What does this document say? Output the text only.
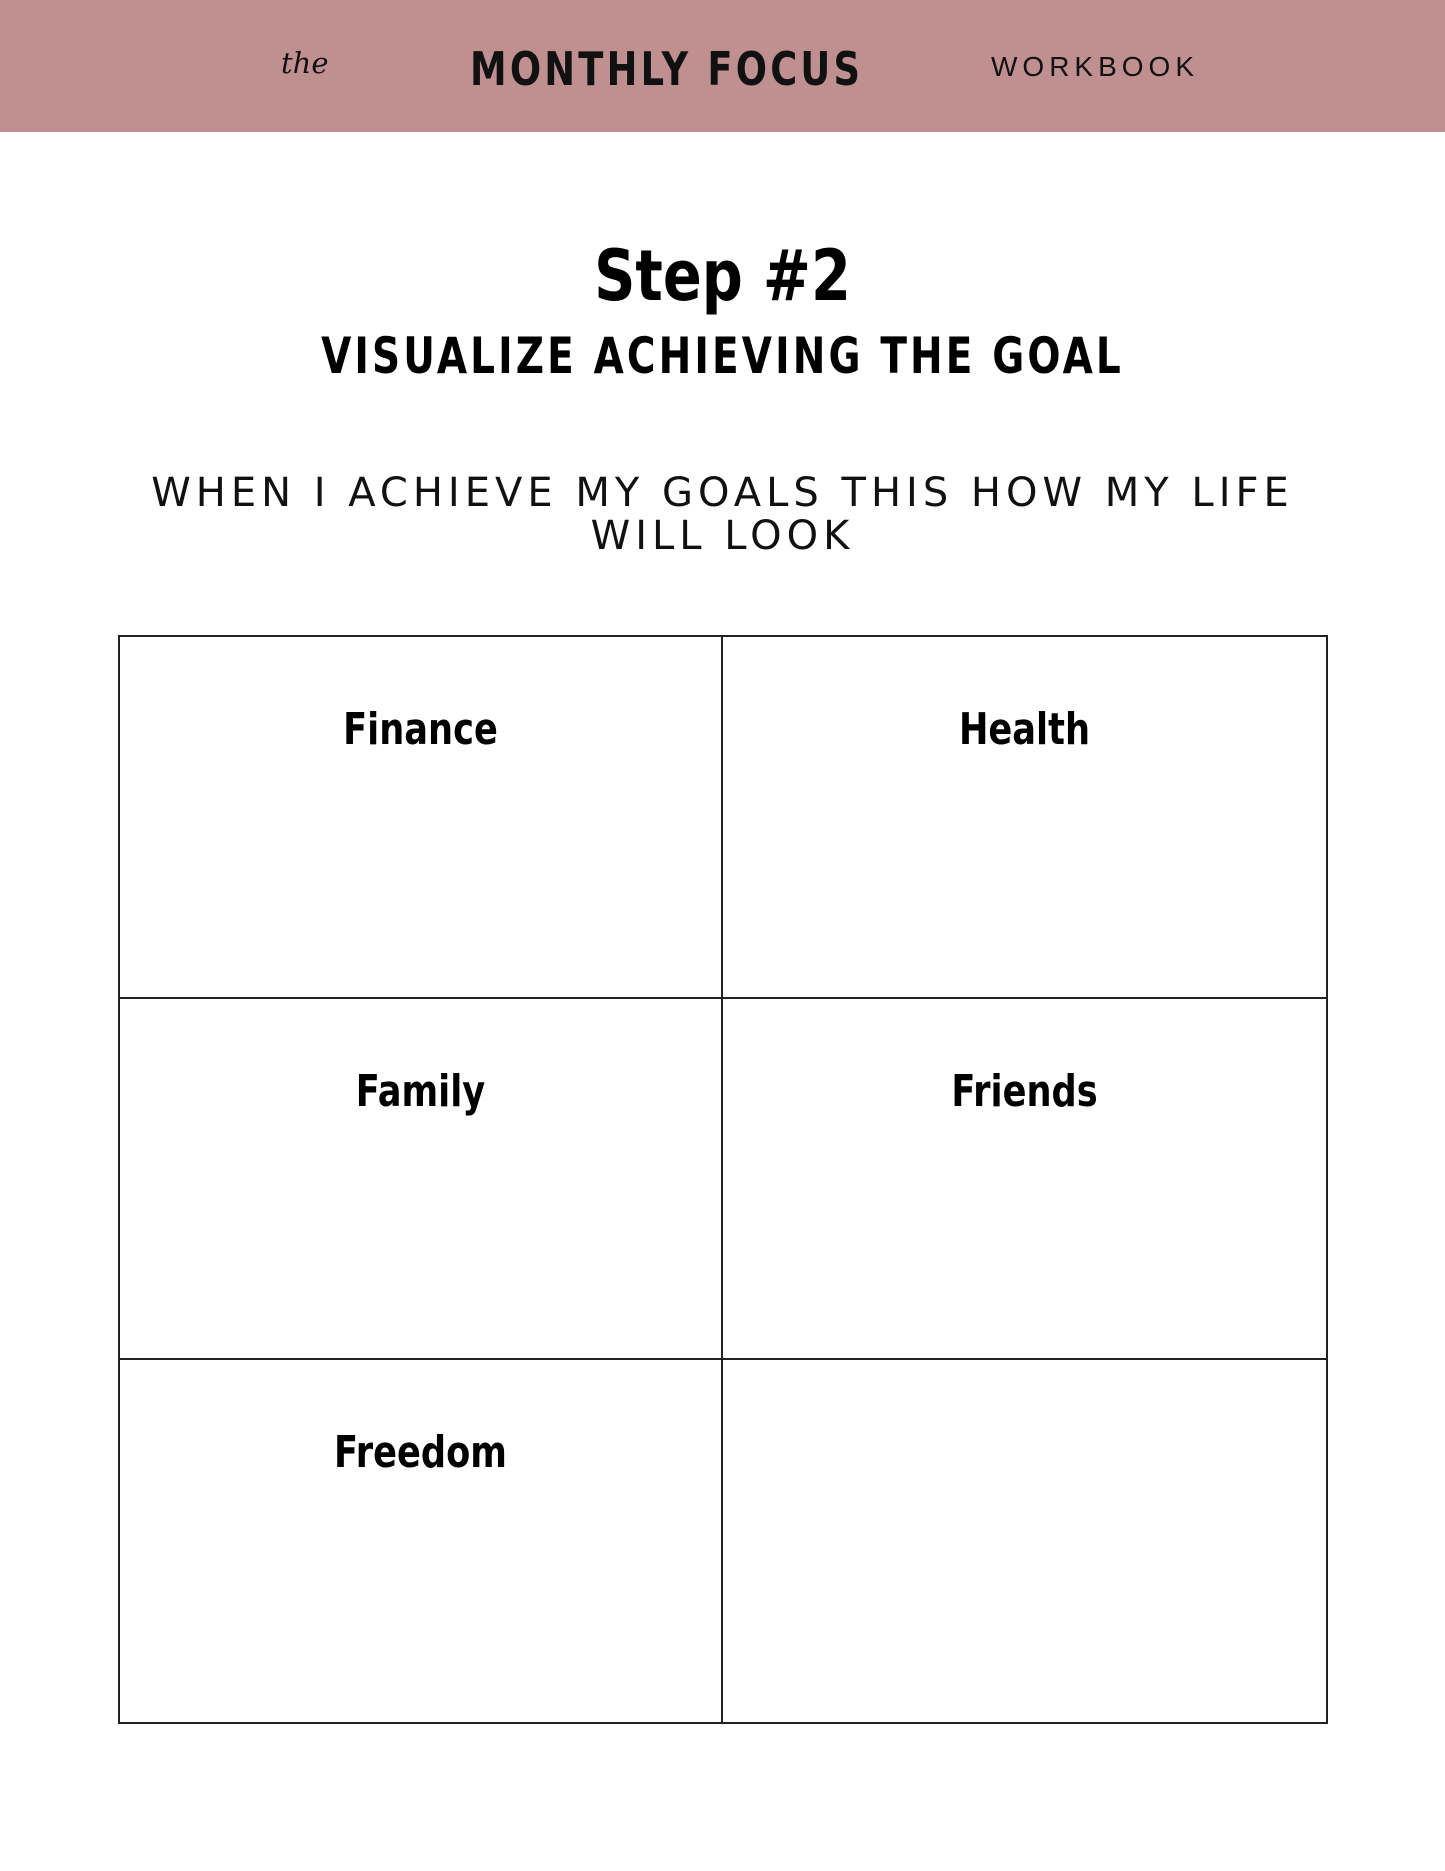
the	MONTHLY FOCUS	WORKBOOK
Step #2
VISUALIZE ACHIEVING THE GOAL
WHEN I ACHIEVE MY GOALS THIS HOW MY LIFE WILL LOOK
Finance	Health
Family	Friends
Freedom
